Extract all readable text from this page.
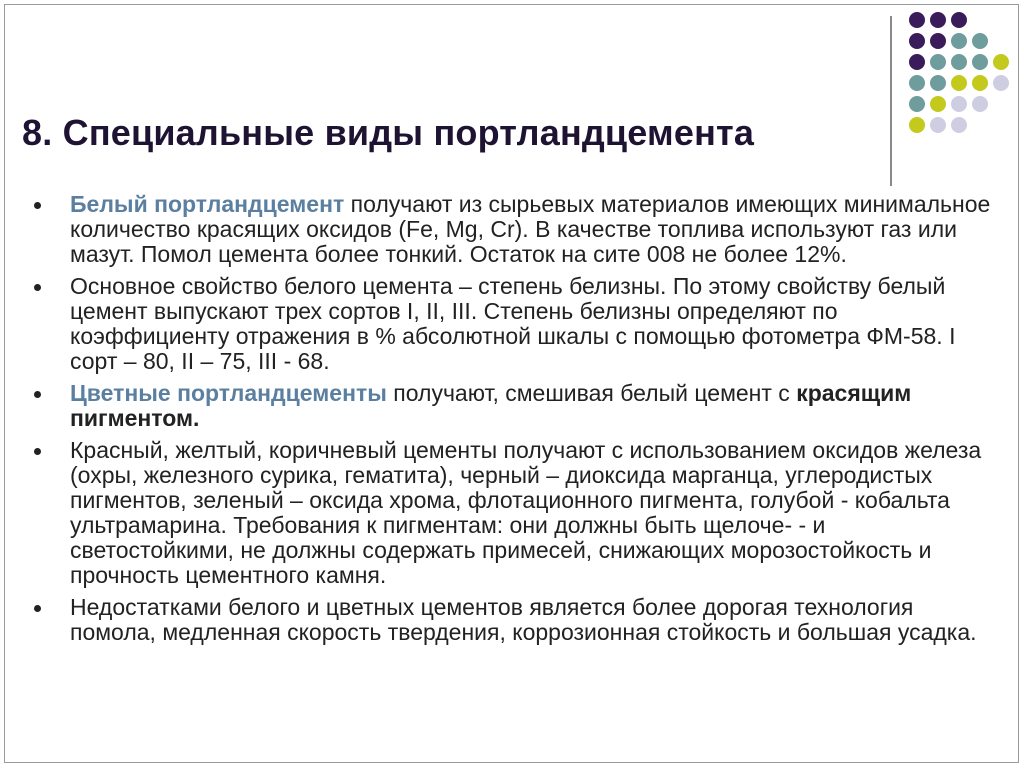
8. Специальные виды портландцемента
Белый портландцемент получают из сырьевых материалов имеющих минимальное количество красящих оксидов (Fe, Mg, Cr). В качестве топлива используют газ или мазут. Помол цемента более тонкий. Остаток на сите 008 не более 12%.
Основное свойство белого цемента – степень белизны. По этому свойству белый цемент выпускают трех сортов I, II, III. Степень белизны определяют по коэффициенту отражения в % абсолютной шкалы с помощью фотометра ФМ-58. I сорт – 80, II – 75, III - 68.
Цветные портландцементы получают, смешивая белый цемент с красящим пигментом.
Красный, желтый, коричневый цементы получают с использованием оксидов железа (охры, железного сурика, гематита), черный – диоксида марганца, углеродистых пигментов, зеленый – оксида хрома, флотационного пигмента, голубой - кобальта ультрамарина. Требования к пигментам: они должны быть щелоче- - и светостойкими, не должны содержать примесей, снижающих морозостойкость и прочность цементного камня.
Недостатками белого и цветных цементов является более дорогая технология помола, медленная скорость твердения, коррозионная стойкость и большая усадка.
